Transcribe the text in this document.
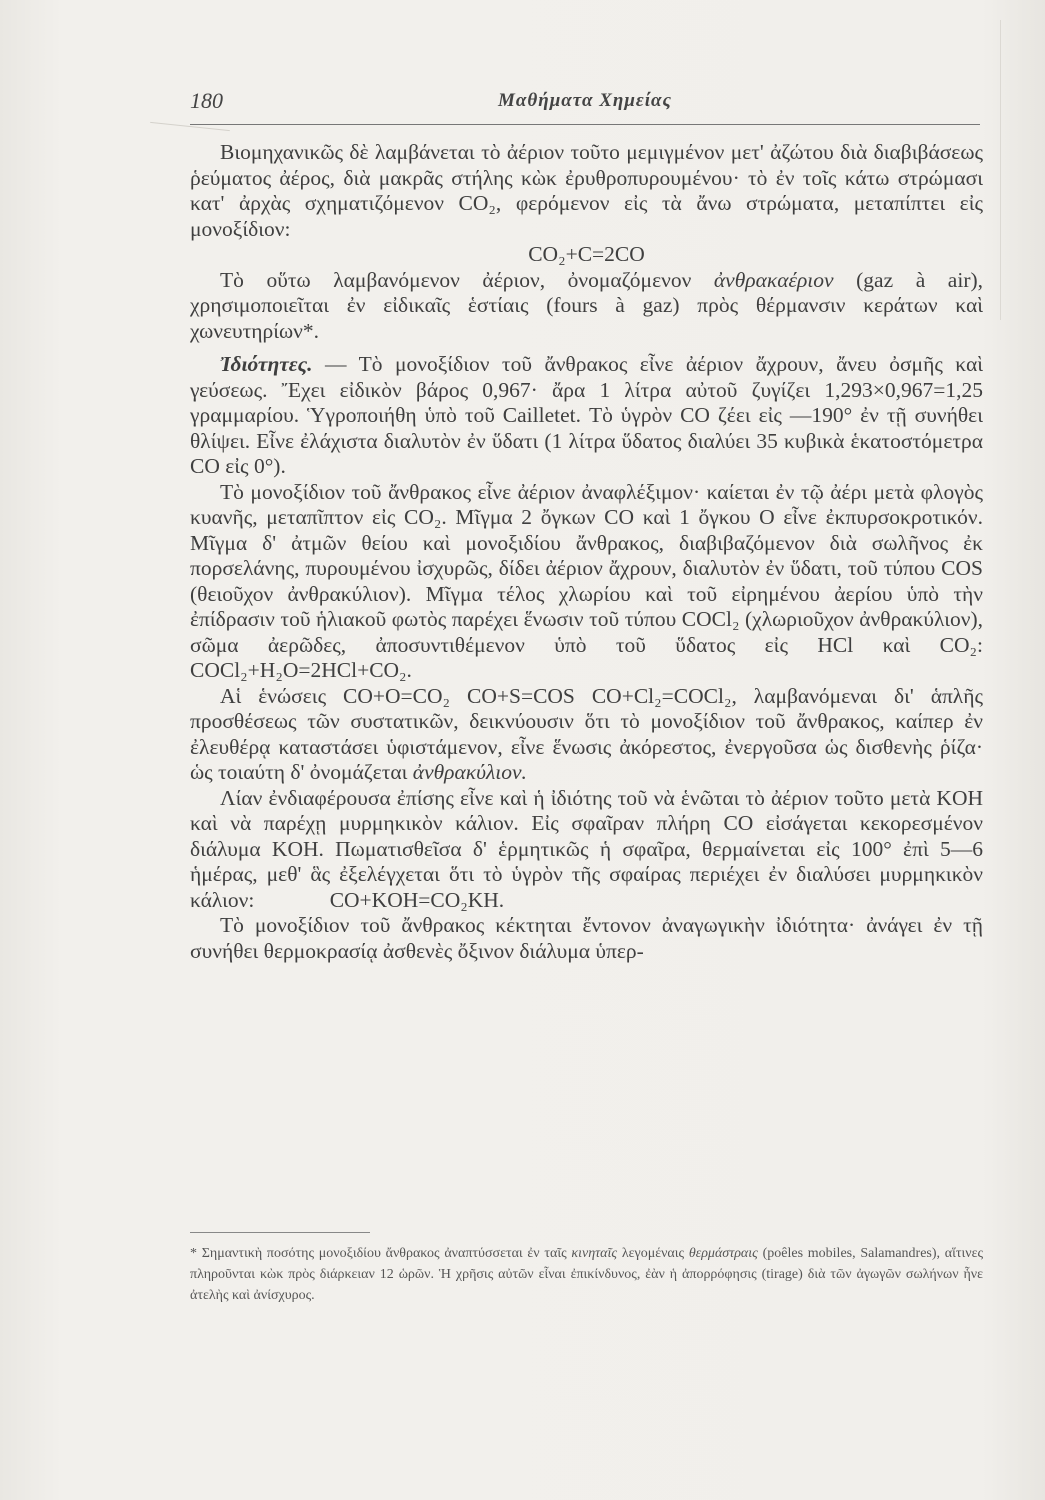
180	Μαθήματα Χημείας

Βιομηχανικῶς δὲ λαμβάνεται τὸ ἀέριον τοῦτο μεμιγμένον μετ' ἀζώτου διὰ διαβιβάσεως ῥεύματος ἀέρος, διὰ μακρᾶς στήλης κὼκ ἐρυθροπυρουμένου· τὸ ἐν τοῖς κάτω στρώμασι κατ' ἀρχὰς σχηματιζόμενον CO₂, φερόμενον εἰς τὰ ἄνω στρώματα, μεταπίπτει εἰς μονοξίδιον:

CO₂+C=2CO

Τὸ οὕτω λαμβανόμενον ἀέριον, ὀνομαζόμενον ἀνθρακαέριον (gaz à air), χρησιμοποιεῖται ἐν εἰδικαῖς ἑστίαις (fours à gaz) πρὸς θέρμανσιν κεράτων καὶ χωνευτηρίων*.

Ἰδιότητες. — Τὸ μονοξίδιον τοῦ ἄνθρακος εἶνε ἀέριον ἄχρουν, ἄνευ ὀσμῆς καὶ γεύσεως. Ἔχει εἰδικὸν βάρος 0,967· ἄρα 1 λίτρα αὐτοῦ ζυγίζει 1,293×0,967=1,25 γραμμαρίου. Ὑγροποιήθη ὑπὸ τοῦ Cailletet. Τὸ ὑγρὸν CO ζέει εἰς —190° ἐν τῇ συνήθει θλίψει. Εἶνε ἐλάχιστα διαλυτὸν ἐν ὕδατι (1 λίτρα ὕδατος διαλύει 35 κυβικὰ ἑκατοστόμετρα CO εἰς 0°).

Τὸ μονοξίδιον τοῦ ἄνθρακος εἶνε ἀέριον ἀναφλέξιμον· καίεται ἐν τῷ ἀέρι μετὰ φλογὸς κυανῆς, μεταπῖπτον εἰς CO₂. Μῖγμα 2 ὄγκων CO καὶ 1 ὄγκου O εἶνε ἐκπυρσοκροτικόν. Μῖγμα δ' ἀτμῶν θείου καὶ μονοξιδίου ἄνθρακος, διαβιβαζόμενον διὰ σωλῆνος ἐκ πορσελάνης, πυρουμένου ἰσχυρῶς, δίδει ἀέριον ἄχρουν, διαλυτὸν ἐν ὕδατι, τοῦ τύπου COS (θειοῦχον ἀνθρακύλιον). Μῖγμα τέλος χλωρίου καὶ τοῦ εἰρημένου ἀερίου ὑπὸ τὴν ἐπίδρασιν τοῦ ἡλιακοῦ φωτὸς παρέχει ἕνωσιν τοῦ τύπου COCl₂ (χλωριοῦχον ἀνθρακύλιον), σῶμα ἀερῶδες, ἀποσυντιθέμενον ὑπὸ τοῦ ὕδατος εἰς HCl καὶ CO₂: COCl₂+H₂O=2HCl+CO₂.

Αἱ ἑνώσεις CO+O=CO₂ CO+S=COS CO+Cl₂=COCl₂, λαμβανόμεναι δι' ἁπλῆς προσθέσεως τῶν συστατικῶν, δεικνύουσιν ὅτι τὸ μονοξίδιον τοῦ ἄνθρακος, καίπερ ἐν ἐλευθέρᾳ καταστάσει ὑφιστάμενον, εἶνε ἕνωσις ἀκόρεστος, ἐνεργοῦσα ὡς δισθενὴς ῥίζα· ὡς τοιαύτη δ' ὀνομάζεται ἀνθρακύλιον.

Λίαν ἐνδιαφέρουσα ἐπίσης εἶνε καὶ ἡ ἰδιότης τοῦ νὰ ἑνῶται τὸ ἀέριον τοῦτο μετὰ KOH καὶ νὰ παρέχῃ μυρμηκικὸν κάλιον. Εἰς σφαῖραν πλήρη CO εἰσάγεται κεκορεσμένον διάλυμα KOH. Πωματισθεῖσα δ' ἑρμητικῶς ἡ σφαῖρα, θερμαίνεται εἰς 100° ἐπὶ 5—6 ἡμέρας, μεθ' ἃς ἐξελέγχεται ὅτι τὸ ὑγρὸν τῆς σφαίρας περιέχει ἐν διαλύσει μυρμηκικὸν κάλιον:	CO+KOH=CO₂KH.

Τὸ μονοξίδιον τοῦ ἄνθρακος κέκτηται ἔντονον ἀναγωγικὴν ἰδιότητα· ἀνάγει ἐν τῇ συνήθει θερμοκρασίᾳ ἀσθενὲς ὄξινον διάλυμα ὑπερ-

* Σημαντικὴ ποσότης μονοξιδίου ἄνθρακος ἀναπτύσσεται ἐν ταῖς κινηταῖς λεγομέναις θερμάστραις (poêles mobiles, Salamandres), αἵτινες πληροῦνται κὼκ πρὸς διάρκειαν 12 ὡρῶν. Ἡ χρῆσις αὐτῶν εἶναι ἐπικίνδυνος, ἐὰν ἡ ἀπορρόφησις (tirage) διὰ τῶν ἀγωγῶν σωλήνων ἦνε ἀτελὴς καὶ ἀνίσχυρος.
